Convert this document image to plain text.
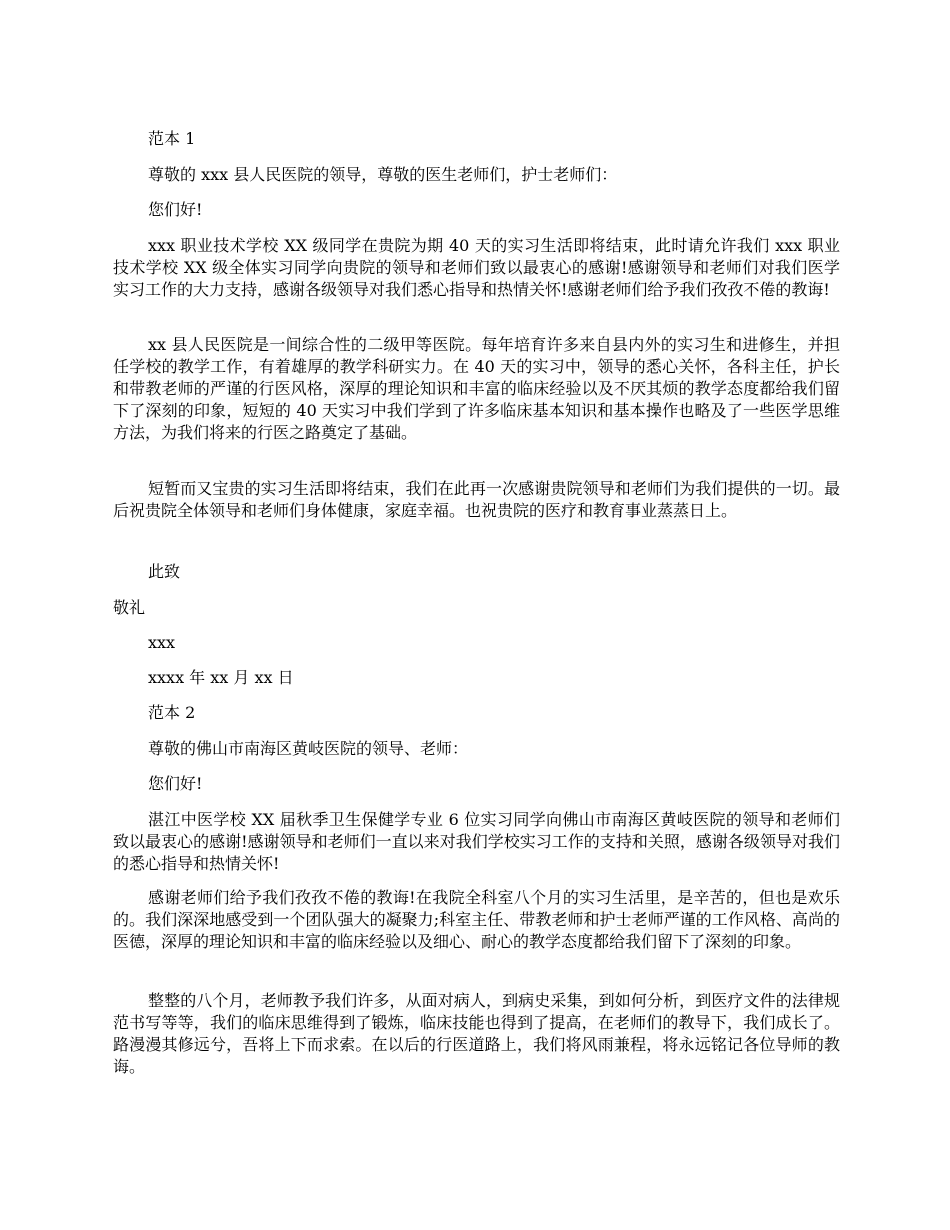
范本 1

尊敬的 xxx 县人民医院的领导，尊敬的医生老师们，护士老师们：

您们好!

xxx 职业技术学校 XX 级同学在贵院为期 40 天的实习生活即将结束，此时请允许我们 xxx 职业技术学校 XX 级全体实习同学向贵院的领导和老师们致以最衷心的感谢!感谢领导和老师们对我们医学实习工作的大力支持，感谢各级领导对我们悉心指导和热情关怀!感谢老师们给予我们孜孜不倦的教诲!

xx 县人民医院是一间综合性的二级甲等医院。每年培育许多来自县内外的实习生和进修生，并担任学校的教学工作，有着雄厚的教学科研实力。在 40 天的实习中，领导的悉心关怀，各科主任，护长和带教老师的严谨的行医风格，深厚的理论知识和丰富的临床经验以及不厌其烦的教学态度都给我们留下了深刻的印象，短短的 40 天实习中我们学到了许多临床基本知识和基本操作也略及了一些医学思维方法，为我们将来的行医之路奠定了基础。

短暂而又宝贵的实习生活即将结束，我们在此再一次感谢贵院领导和老师们为我们提供的一切。最后祝贵院全体领导和老师们身体健康，家庭幸福。也祝贵院的医疗和教育事业蒸蒸日上。

此致

敬礼

xxx

xxxx 年 xx 月 xx 日

范本 2

尊敬的佛山市南海区黄岐医院的领导、老师：

您们好!

湛江中医学校 XX 届秋季卫生保健学专业 6 位实习同学向佛山市南海区黄岐医院的领导和老师们致以最衷心的感谢!感谢领导和老师们一直以来对我们学校实习工作的支持和关照，感谢各级领导对我们的悉心指导和热情关怀!

感谢老师们给予我们孜孜不倦的教诲!在我院全科室八个月的实习生活里，是辛苦的，但也是欢乐的。我们深深地感受到一个团队强大的凝聚力;科室主任、带教老师和护士老师严谨的工作风格、高尚的医德，深厚的理论知识和丰富的临床经验以及细心、耐心的教学态度都给我们留下了深刻的印象。

整整的八个月，老师教予我们许多，从面对病人，到病史采集，到如何分析，到医疗文件的法律规范书写等等，我们的临床思维得到了锻炼，临床技能也得到了提高，在老师们的教导下，我们成长了。路漫漫其修远兮，吾将上下而求索。在以后的行医道路上，我们将风雨兼程，将永远铭记各位导师的教诲。
